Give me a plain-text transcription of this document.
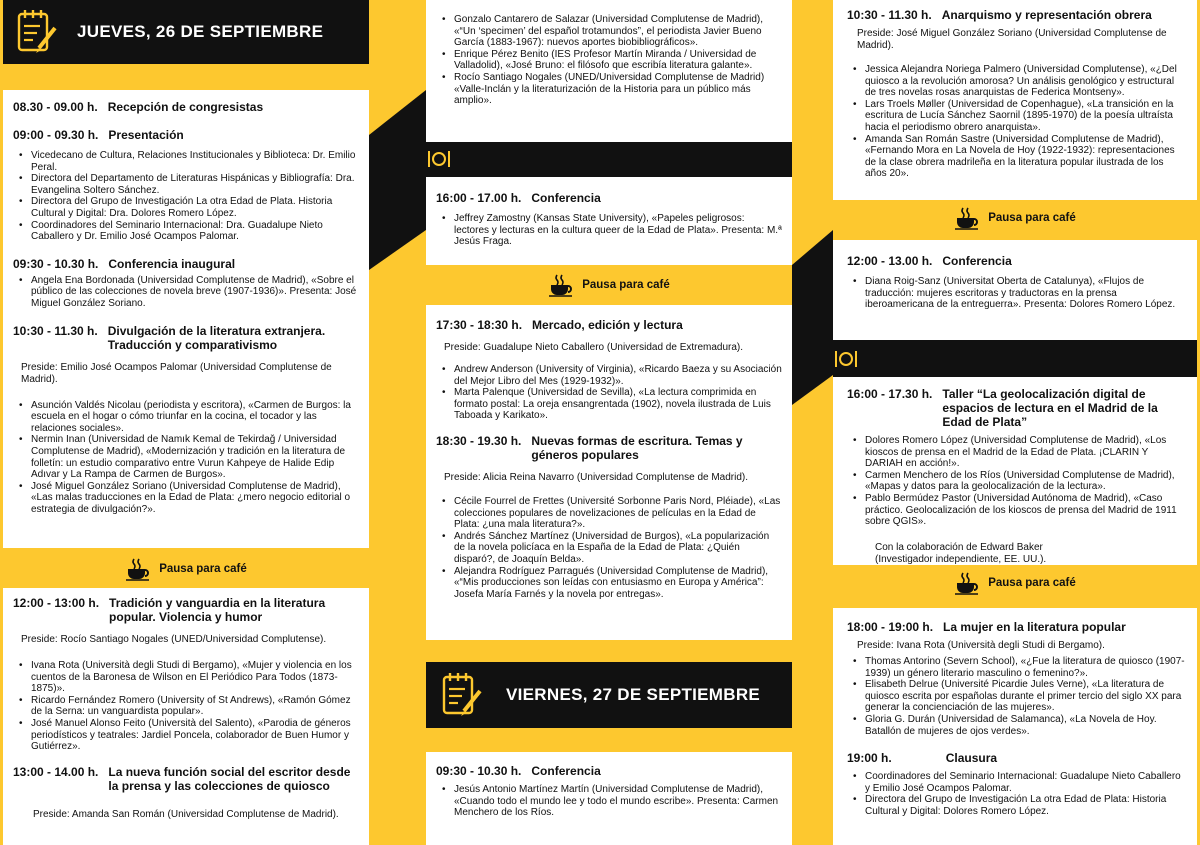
JUEVES, 26 DE SEPTIEMBRE
08.30 - 09.00 h. Recepción de congresistas
09:00 - 09.30 h. Presentación
• Vicedecano de Cultura, Relaciones Institucionales y Biblioteca: Dr. Emilio Peral.
• Directora del Departamento de Literaturas Hispánicas y Bibliografía: Dra. Evangelina Soltero Sánchez.
• Directora del Grupo de Investigación La otra Edad de Plata. Historia Cultural y Digital: Dra. Dolores Romero López.
• Coordinadores del Seminario Internacional: Dra. Guadalupe Nieto Caballero y Dr. Emilio José Ocampos Palomar.
09:30 - 10.30 h. Conferencia inaugural
• Angela Ena Bordonada (Universidad Complutense de Madrid), «Sobre el público de las colecciones de novela breve (1907-1936)». Presenta: José Miguel González Soriano.
10:30 - 11.30 h. Divulgación de la literatura extranjera. Traducción y comparativismo
Preside: Emilio José Ocampos Palomar (Universidad Complutense de Madrid).
• Asunción Valdés Nicolau (periodista y escritora), «Carmen de Burgos: la escuela en el hogar o cómo triunfar en la cocina, el tocador y las relaciones sociales».
• Nermin Inan (Universidad de Namık Kemal de Tekirdağ / Universidad Complutense de Madrid), «Modernización y tradición en la literatura de folletín: un estudio comparativo entre Vurun Kahpeye de Halide Edip Adıvar y La Rampa de Carmen de Burgos».
• José Miguel González Soriano (Universidad Complutense de Madrid), «Las malas traducciones en la Edad de Plata: ¿mero negocio editorial o estrategia de divulgación?».
Pausa para café
12:00 - 13:00 h. Tradición y vanguardia en la literatura popular. Violencia y humor
Preside: Rocío Santiago Nogales (UNED/Universidad Complutense).
• Ivana Rota (Università degli Studi di Bergamo), «Mujer y violencia en los cuentos de la Baronesa de Wilson en El Periódico Para Todos (1873-1875)».
• Ricardo Fernández Romero (University of St Andrews), «Ramón Gómez de la Serna: un vanguardista popular».
• José Manuel Alonso Feito (Università del Salento), «Parodia de géneros periodísticos y teatrales: Jardiel Poncela, colaborador de Buen Humor y Gutiérrez».
13:00 - 14.00 h. La nueva función social del escritor desde la prensa y las colecciones de quiosco
Preside: Amanda San Román (Universidad Complutense de Madrid).
• Gonzalo Cantarero de Salazar (Universidad Complutense de Madrid), «“Un ‘specimen’ del español trotamundos”, el periodista Javier Bueno García (1883-1967): nuevos aportes biobibliográficos».
• Enrique Pérez Benito (IES Profesor Martín Miranda / Universidad de Valladolid), «José Bruno: el filósofo que escribía literatura galante».
• Rocío Santiago Nogales (UNED/Universidad Complutense de Madrid) «Valle-Inclán y la literaturización de la Historia para un público más amplio».
16:00 - 17.00 h. Conferencia
• Jeffrey Zamostny (Kansas State University), «Papeles peligrosos: lectores y lecturas en la cultura queer de la Edad de Plata». Presenta: M.ª Jesús Fraga.
Pausa para café
17:30 - 18:30 h. Mercado, edición y lectura
Preside: Guadalupe Nieto Caballero (Universidad de Extremadura).
• Andrew Anderson (University of Virginia), «Ricardo Baeza y su Asociación del Mejor Libro del Mes (1929-1932)».
• Marta Palenque (Universidad de Sevilla), «La lectura comprimida en formato postal: La oreja ensangrentada (1902), novela ilustrada de Luis Taboada y Karikato».
18:30 - 19.30 h. Nuevas formas de escritura. Temas y géneros populares
Preside: Alicia Reina Navarro (Universidad Complutense de Madrid).
• Cécile Fourrel de Frettes (Université Sorbonne Paris Nord, Pléiade), «Las colecciones populares de novelizaciones de películas en la Edad de Plata: ¿una mala literatura?».
• Andrés Sánchez Martínez (Universidad de Burgos), «La popularización de la novela policíaca en la España de la Edad de Plata: ¿Quién disparó?, de Joaquín Belda».
• Alejandra Rodríguez Parragués (Universidad Complutense de Madrid), «“Mis producciones son leídas con entusiasmo en Europa y América”: Josefa María Farnés y la novela por entregas».
VIERNES, 27 DE SEPTIEMBRE
09:30 - 10.30 h. Conferencia
• Jesús Antonio Martínez Martín (Universidad Complutense de Madrid), «Cuando todo el mundo lee y todo el mundo escribe». Presenta: Carmen Menchero de los Ríos.
10:30 - 11.30 h. Anarquismo y representación obrera
Preside: José Miguel González Soriano (Universidad Complutense de Madrid).
• Jessica Alejandra Noriega Palmero (Universidad Complutense), «¿Del quiosco a la revolución amorosa? Un análisis genológico y estructural de tres novelas rosas anarquistas de Federica Montseny».
• Lars Troels Møller (Universidad de Copenhague), «La transición en la escritura de Lucía Sánchez Saornil (1895-1970) de la poesía ultraísta hacia el periodismo obrero anarquista».
• Amanda San Román Sastre (Universidad Complutense de Madrid), «Fernando Mora en La Novela de Hoy (1922-1932): representaciones de la clase obrera madrileña en la literatura popular ilustrada de los años 20».
Pausa para café
12:00 - 13.00 h. Conferencia
• Diana Roig-Sanz (Universitat Oberta de Catalunya), «Flujos de traducción: mujeres escritoras y traductoras en la prensa iberoamericana de la entreguerra». Presenta: Dolores Romero López.
16:00 - 17.30 h. Taller “La geolocalización digital de espacios de lectura en el Madrid de la Edad de Plata”
• Dolores Romero López (Universidad Complutense de Madrid), «Los kioscos de prensa en el Madrid de la Edad de Plata. ¡CLARIN Y DARIAH en acción!».
• Carmen Menchero de los Ríos (Universidad Complutense de Madrid), «Mapas y datos para la geolocalización de la lectura».
• Pablo Bermúdez Pastor (Universidad Autónoma de Madrid), «Caso práctico. Geolocalización de los kioscos de prensa del Madrid de 1911 sobre QGIS».
Con la colaboración de Edward Baker
(Investigador independiente, EE. UU.).
Pausa para café
18:00 - 19:00 h. La mujer en la literatura popular
Preside: Ivana Rota (Università degli Studi di Bergamo).
• Thomas Antorino (Severn School), «¿Fue la literatura de quiosco (1907-1939) un género literario masculino o femenino?».
• Elisabeth Delrue (Université Picardie Jules Verne), «La literatura de quiosco escrita por españolas durante el primer tercio del siglo XX para generar la concienciación de las mujeres».
• Gloria G. Durán (Universidad de Salamanca), «La Novela de Hoy. Batallón de mujeres de ojos verdes».
19:00 h.	Clausura
• Coordinadores del Seminario Internacional: Guadalupe Nieto Caballero y Emilio José Ocampos Palomar.
• Directora del Grupo de Investigación La otra Edad de Plata: Historia Cultural y Digital: Dolores Romero López.
